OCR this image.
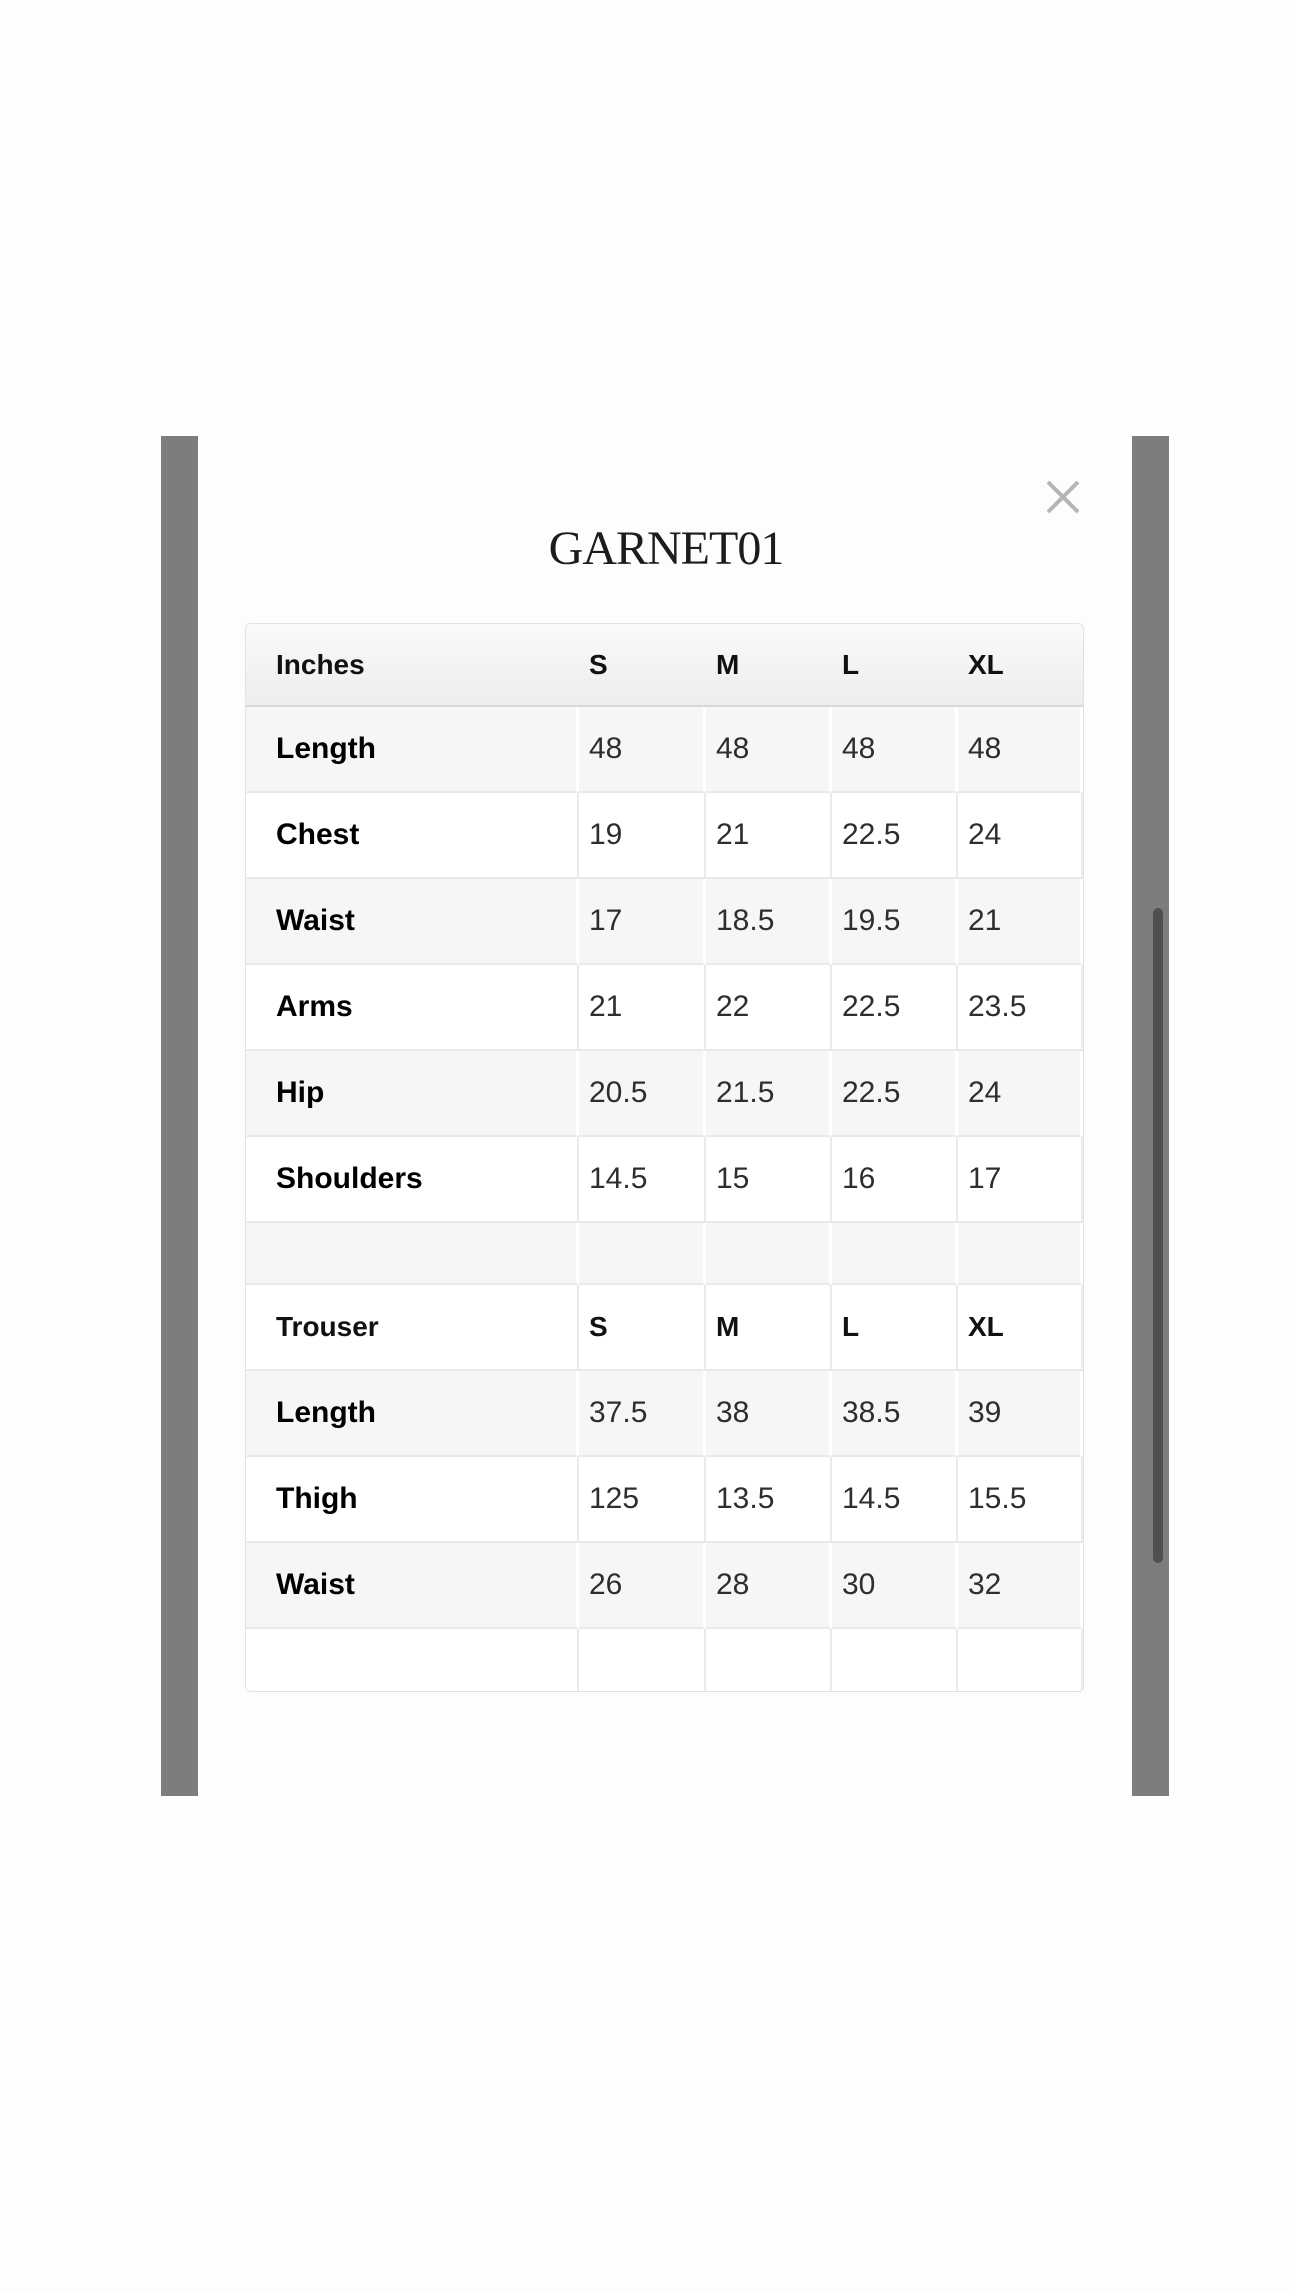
GARNET01
Inches	S	M	L	XL
Length	48	48	48	48
Chest	19	21	22.5	24
Waist	17	18.5	19.5	21
Arms	21	22	22.5	23.5
Hip	20.5	21.5	22.5	24
Shoulders	14.5	15	16	17

Trouser	S	M	L	XL
Length	37.5	38	38.5	39
Thigh	125	13.5	14.5	15.5
Waist	26	28	30	32
